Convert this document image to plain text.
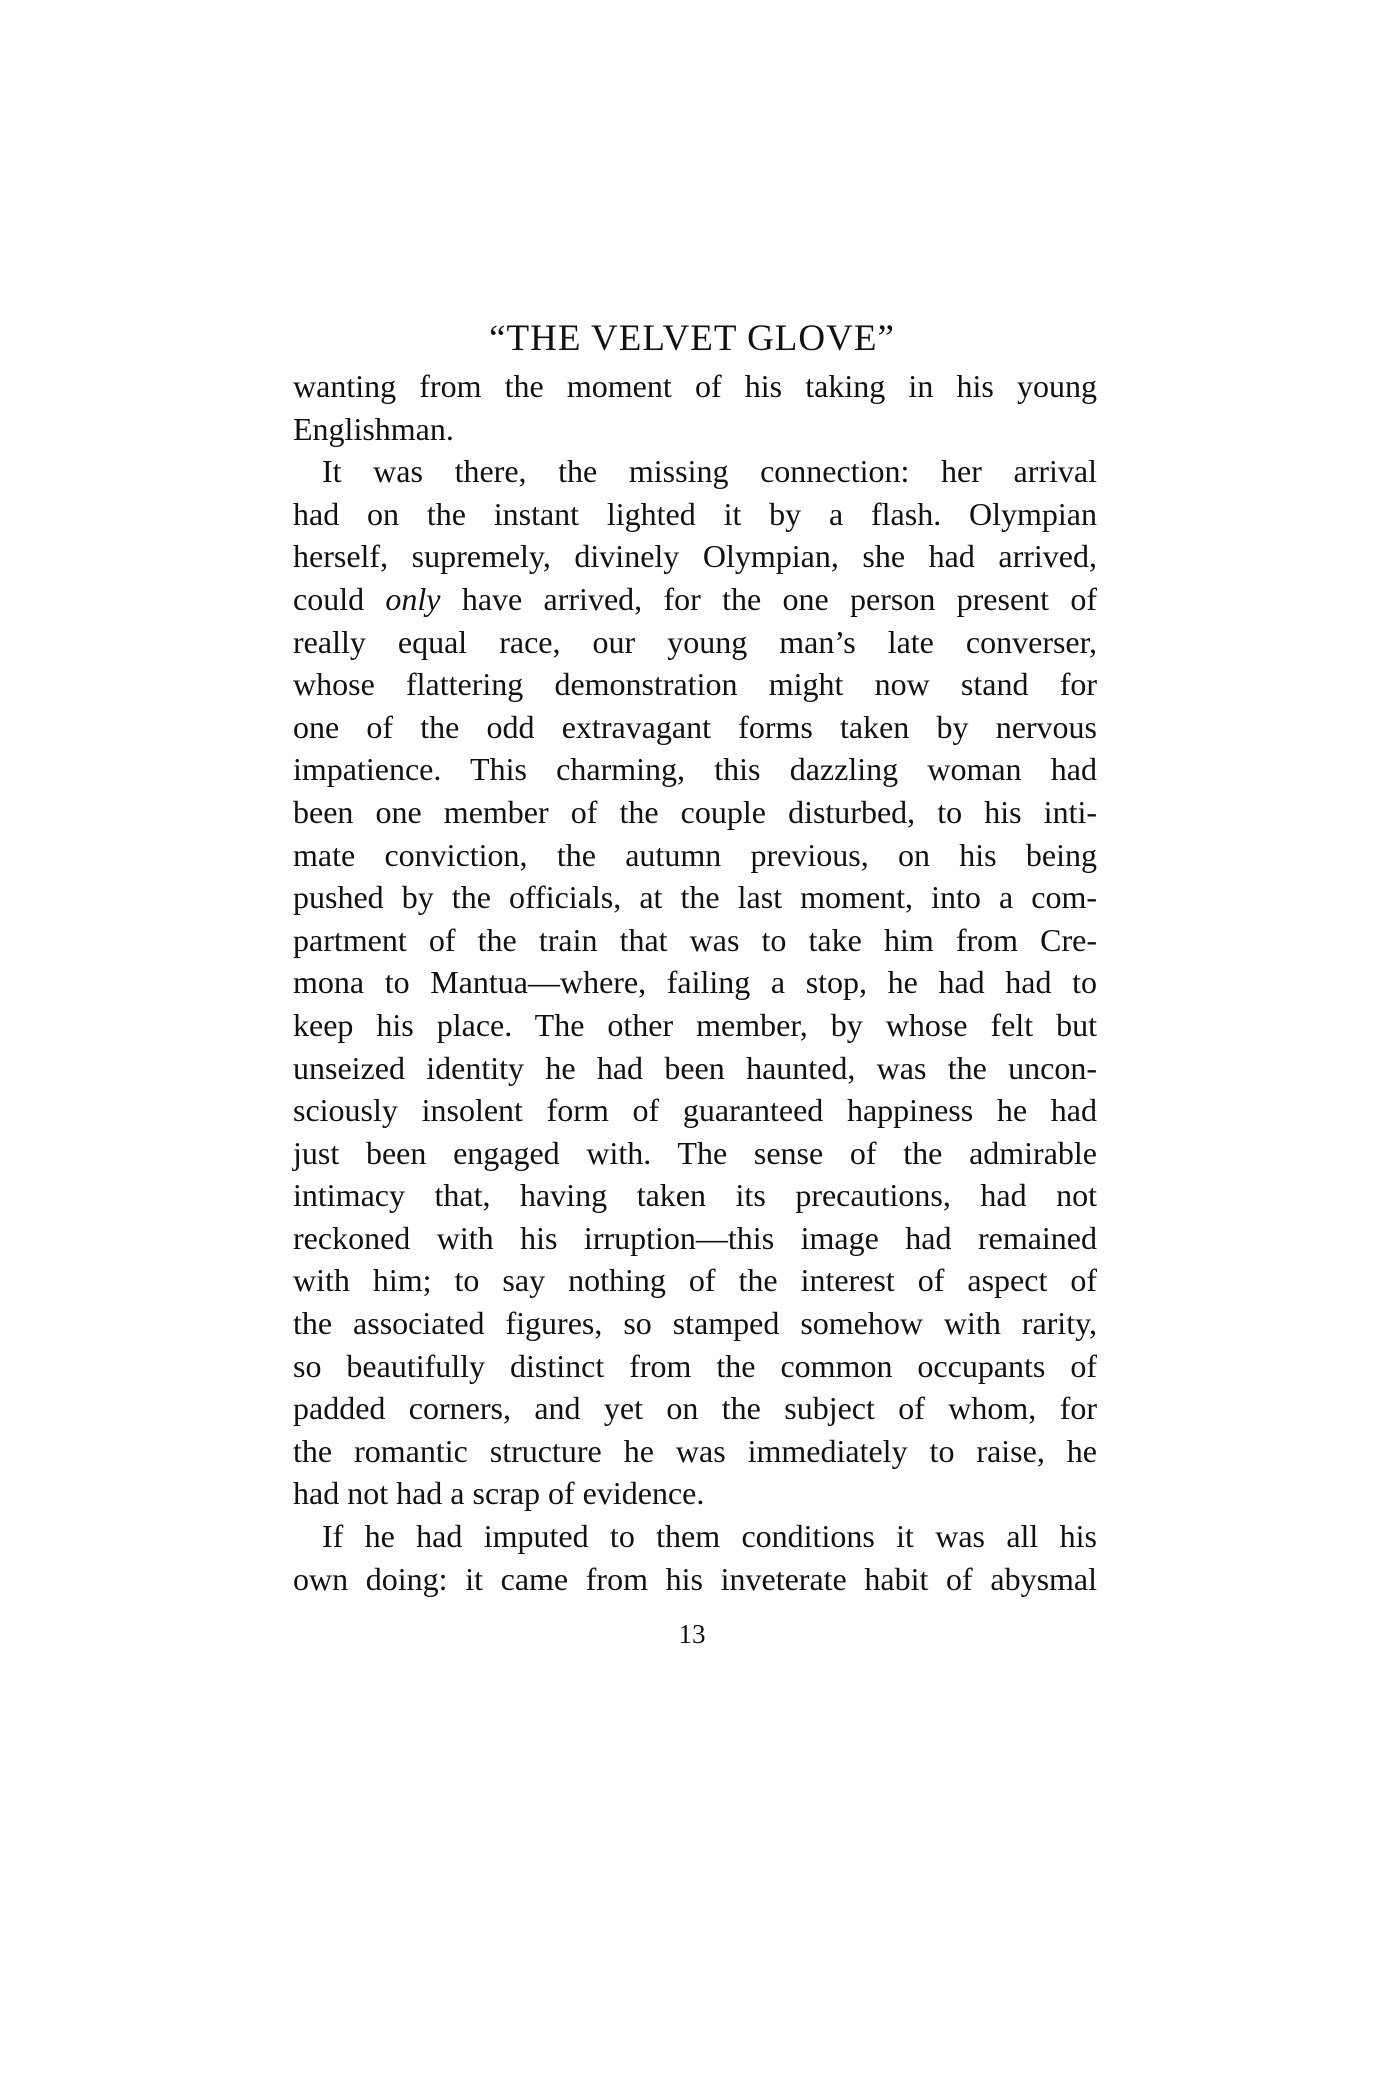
“THE VELVET GLOVE”
wanting from the moment of his taking in his young
Englishman.
It was there, the missing connection: her arrival
had on the instant lighted it by a flash. Olympian
herself, supremely, divinely Olympian, she had arrived,
could only have arrived, for the one person present of
really equal race, our young man’s late converser,
whose flattering demonstration might now stand for
one of the odd extravagant forms taken by nervous
impatience. This charming, this dazzling woman had
been one member of the couple disturbed, to his inti-
mate conviction, the autumn previous, on his being
pushed by the officials, at the last moment, into a com-
partment of the train that was to take him from Cre-
mona to Mantua—where, failing a stop, he had had to
keep his place. The other member, by whose felt but
unseized identity he had been haunted, was the uncon-
sciously insolent form of guaranteed happiness he had
just been engaged with. The sense of the admirable
intimacy that, having taken its precautions, had not
reckoned with his irruption—this image had remained
with him; to say nothing of the interest of aspect of
the associated figures, so stamped somehow with rarity,
so beautifully distinct from the common occupants of
padded corners, and yet on the subject of whom, for
the romantic structure he was immediately to raise, he
had not had a scrap of evidence.
If he had imputed to them conditions it was all his
own doing: it came from his inveterate habit of abysmal
13
